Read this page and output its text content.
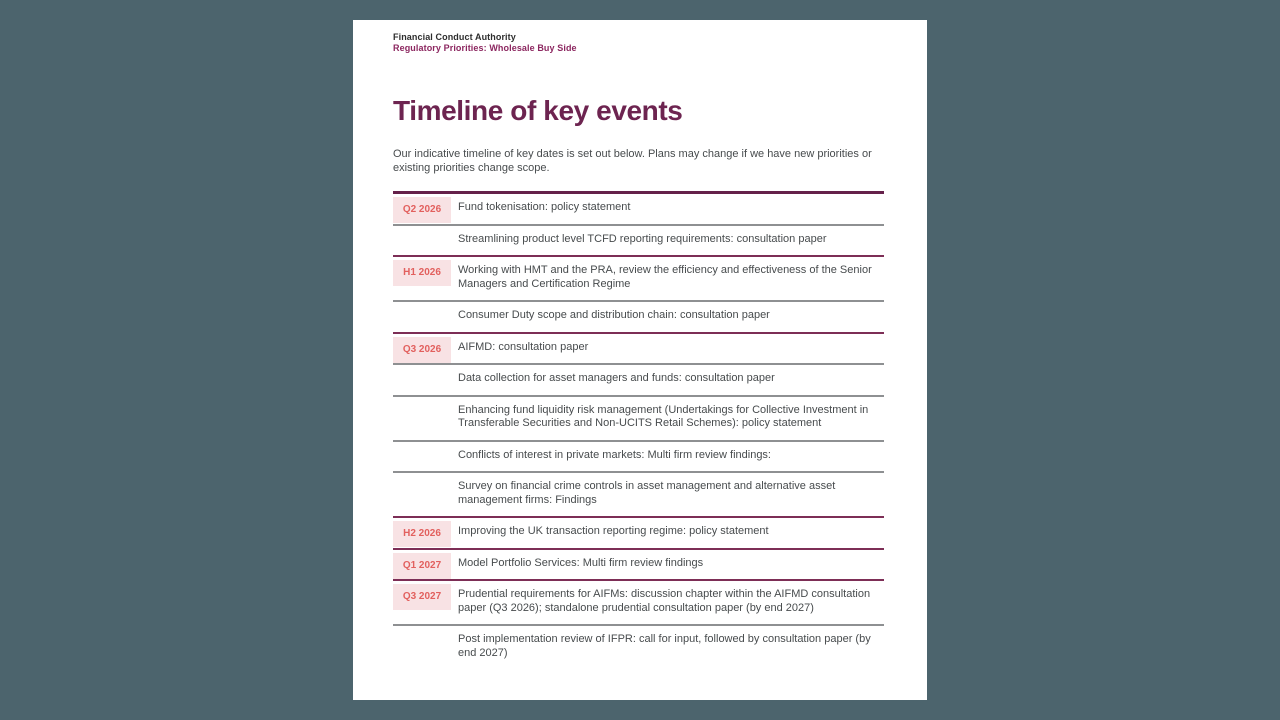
Financial Conduct Authority
Regulatory Priorities: Wholesale Buy Side
Timeline of key events

Our indicative timeline of key dates is set out below. Plans may change if we have new priorities or existing priorities change scope.

Q2 2026	Fund tokenisation: policy statement
Streamlining product level TCFD reporting requirements: consultation paper
H1 2026	Working with HMT and the PRA, review the efficiency and effectiveness of the Senior Managers and Certification Regime
Consumer Duty scope and distribution chain: consultation paper
Q3 2026	AIFMD: consultation paper
Data collection for asset managers and funds: consultation paper
Enhancing fund liquidity risk management (Undertakings for Collective Investment in Transferable Securities and Non-UCITS Retail Schemes): policy statement
Conflicts of interest in private markets: Multi firm review findings:
Survey on financial crime controls in asset management and alternative asset management firms: Findings
H2 2026	Improving the UK transaction reporting regime: policy statement
Q1 2027	Model Portfolio Services: Multi firm review findings
Q3 2027	Prudential requirements for AIFMs: discussion chapter within the AIFMD consultation paper (Q3 2026); standalone prudential consultation paper (by end 2027)
Post implementation review of IFPR: call for input, followed by consultation paper (by end 2027)
